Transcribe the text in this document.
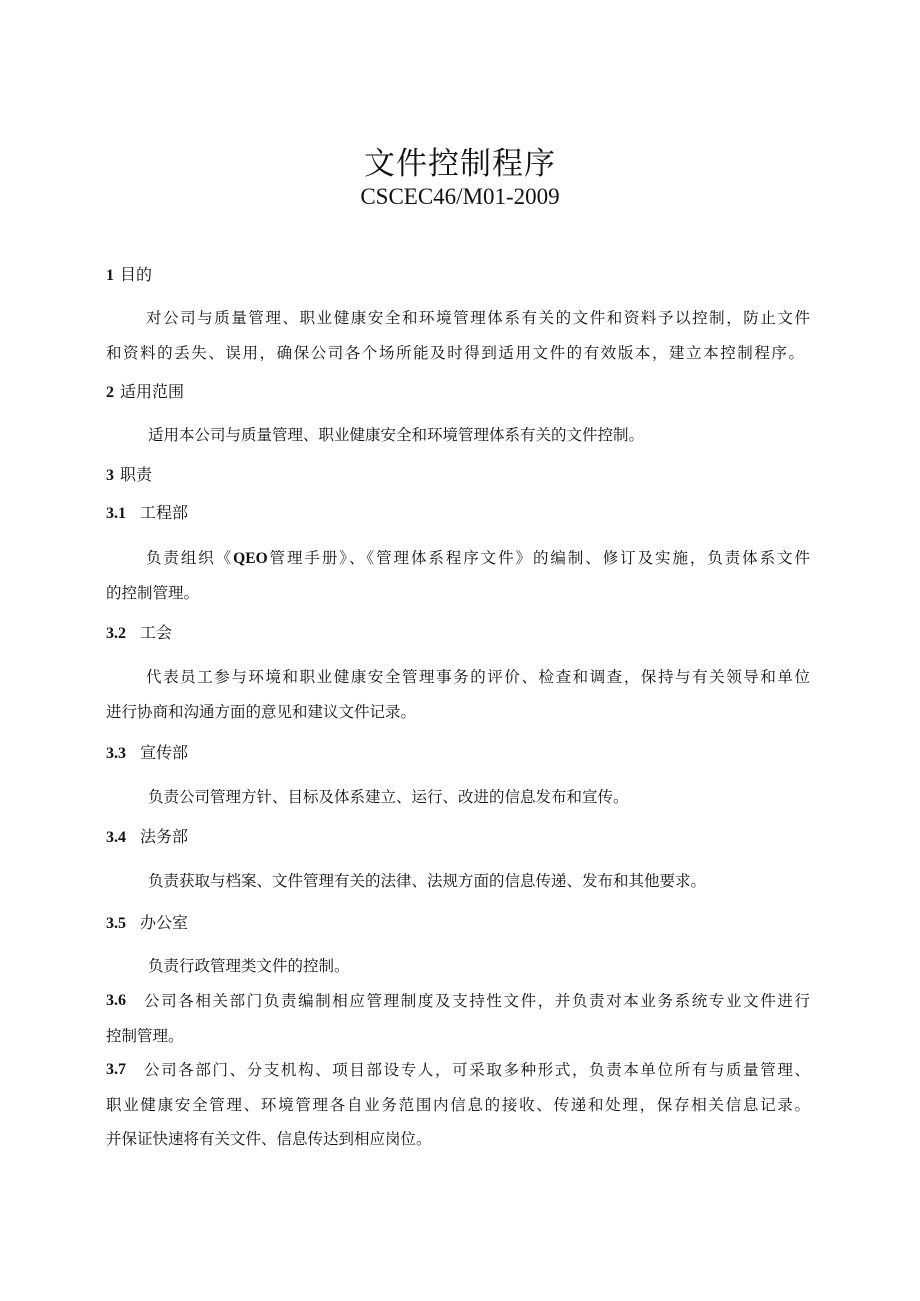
文件控制程序
CSCEC46/M01-2009
1 目的
对公司与质量管理、职业健康安全和环境管理体系有关的文件和资料予以控制，防止文件
和资料的丢失、误用，确保公司各个场所能及时得到适用文件的有效版本，建立本控制程序。
2 适用范围
适用本公司与质量管理、职业健康安全和环境管理体系有关的文件控制。
3 职责
3.1 工程部
负责组织《QEO管理手册》、《管理体系程序文件》的编制、修订及实施，负责体系文件
的控制管理。
3.2 工会
代表员工参与环境和职业健康安全管理事务的评价、检查和调查，保持与有关领导和单位
进行协商和沟通方面的意见和建议文件记录。
3.3 宣传部
负责公司管理方针、目标及体系建立、运行、改进的信息发布和宣传。
3.4 法务部
负责获取与档案、文件管理有关的法律、法规方面的信息传递、发布和其他要求。
3.5 办公室
负责行政管理类文件的控制。
3.6	公司各相关部门负责编制相应管理制度及支持性文件，并负责对本业务系统专业文件进行
控制管理。
3.7	公司各部门、分支机构、项目部设专人，可采取多种形式，负责本单位所有与质量管理、
职业健康安全管理、环境管理各自业务范围内信息的接收、传递和处理，保存相关信息记录。
并保证快速将有关文件、信息传达到相应岗位。
